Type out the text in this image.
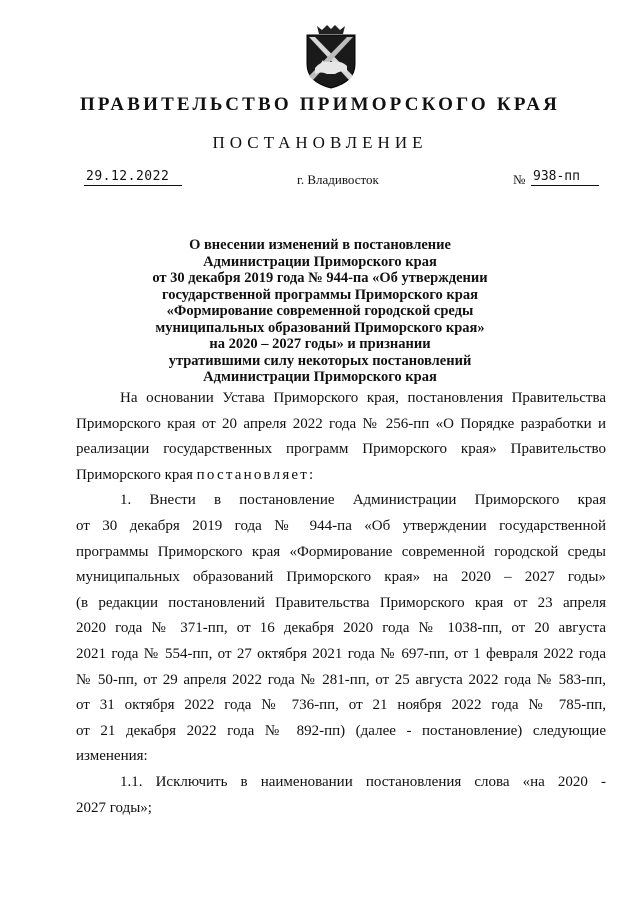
ПРАВИТЕЛЬСТВО ПРИМОРСКОГО КРАЯ
ПОСТАНОВЛЕНИЕ
29.12.2022	г. Владивосток	№ 938-пп
О внесении изменений в постановление
Администрации Приморского края
от 30 декабря 2019 года № 944-па «Об утверждении
государственной программы Приморского края
«Формирование современной городской среды
муниципальных образований Приморского края»
на 2020 – 2027 годы» и признании
утратившими силу некоторых постановлений
Администрации Приморского края

На основании Устава Приморского края, постановления Правительства
Приморского края от 20 апреля 2022 года № 256-пп «О Порядке разработки и
реализации государственных программ Приморского края» Правительство
Приморского края постановляет:

1. Внести в постановление Администрации Приморского края
от 30 декабря 2019 года № 944-па «Об утверждении государственной
программы Приморского края «Формирование современной городской среды
муниципальных образований Приморского края» на 2020 – 2027 годы»
(в редакции постановлений Правительства Приморского края от 23 апреля
2020 года № 371-пп, от 16 декабря 2020 года № 1038-пп, от 20 августа
2021 года № 554-пп, от 27 октября 2021 года № 697-пп, от 1 февраля 2022 года
№ 50-пп, от 29 апреля 2022 года № 281-пп, от 25 августа 2022 года № 583-пп,
от 31 октября 2022 года № 736-пп, от 21 ноября 2022 года № 785-пп,
от 21 декабря 2022 года № 892-пп) (далее - постановление) следующие
изменения:

1.1. Исключить в наименовании постановления слова «на 2020 -
2027 годы»;
